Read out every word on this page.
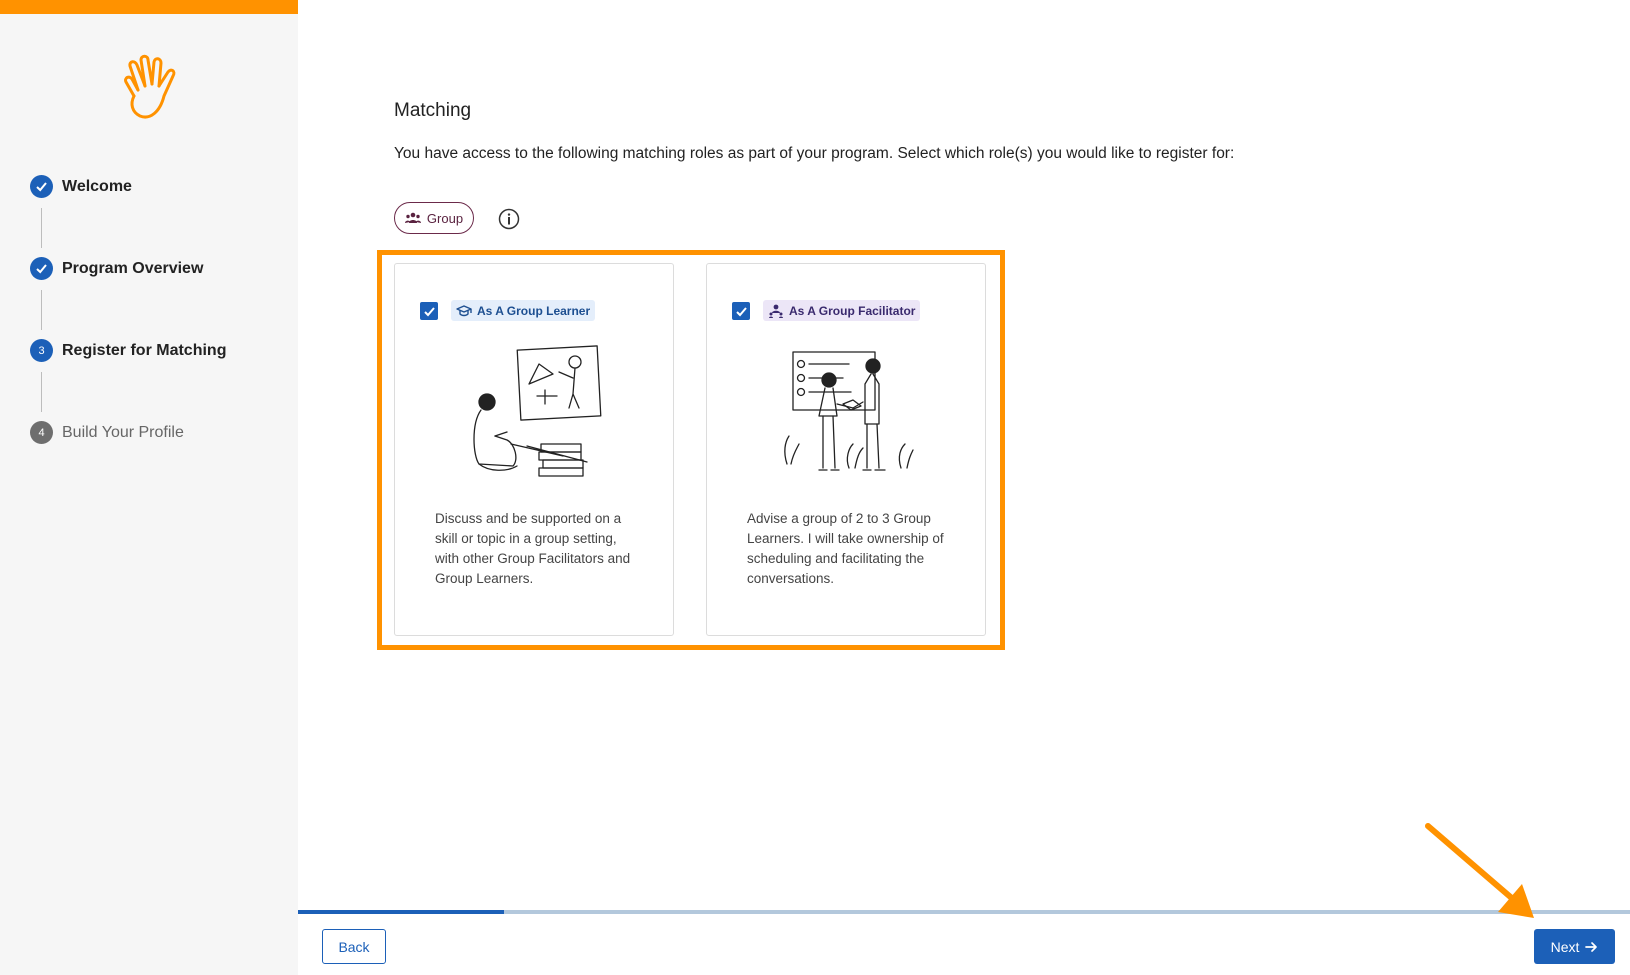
Welcome
Program Overview
3	Register for Matching
4	Build Your Profile
Matching

You have access to the following matching roles as part of your program. Select which role(s) you would like to register for:

Group
As A Group Learner

Discuss and be supported on a skill or topic in a group setting, with other Group Facilitators and Group Learners.

As A Group Facilitator

Advise a group of 2 to 3 Group Learners. I will take ownership of scheduling and facilitating the conversations.

Back	Next
